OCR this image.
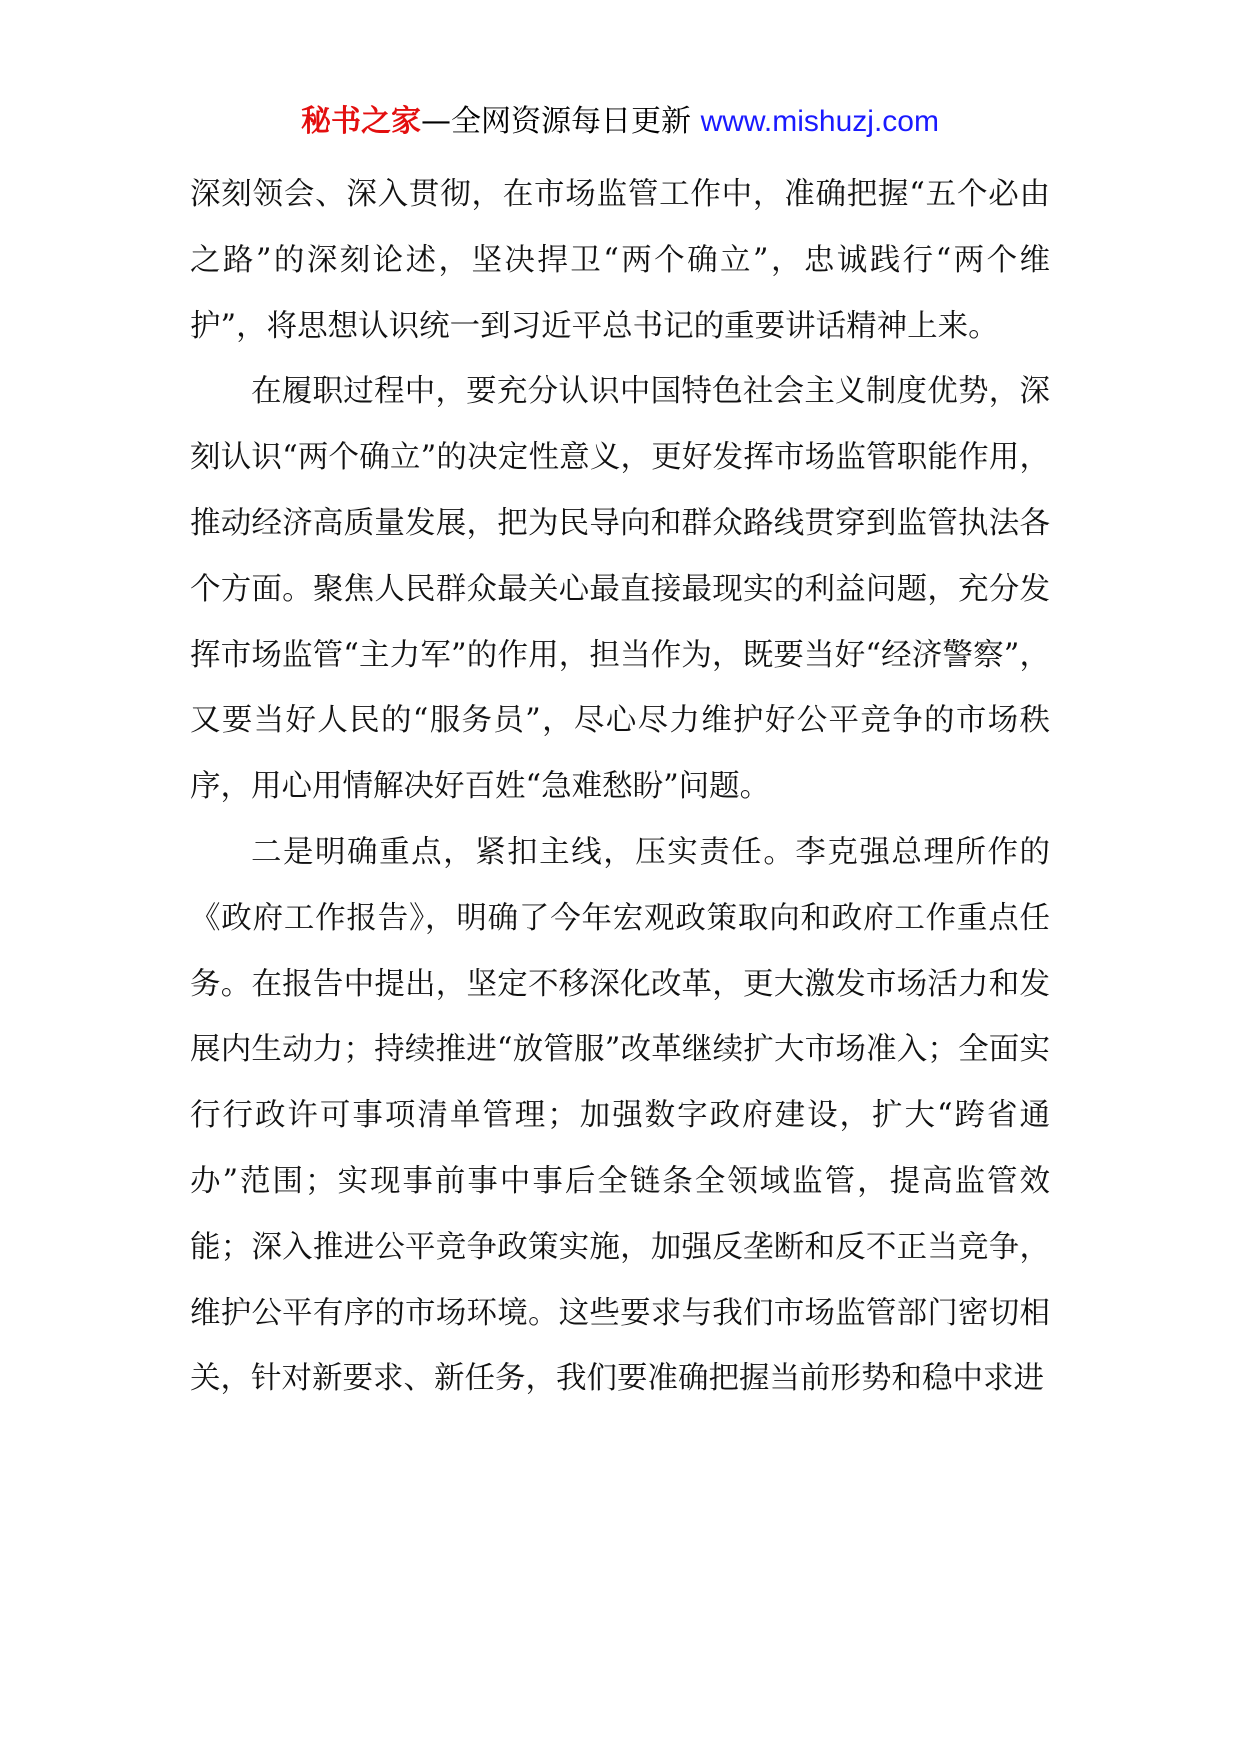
秘书之家—全网资源每日更新 www.mishuzj.com

深刻领会、深入贯彻，在市场监管工作中，准确把握“五个必由之路”的深刻论述，坚决捍卫“两个确立”，忠诚践行“两个维护”，将思想认识统一到习近平总书记的重要讲话精神上来。

在履职过程中，要充分认识中国特色社会主义制度优势，深刻认识“两个确立”的决定性意义，更好发挥市场监管职能作用，推动经济高质量发展，把为民导向和群众路线贯穿到监管执法各个方面。聚焦人民群众最关心最直接最现实的利益问题，充分发挥市场监管“主力军”的作用，担当作为，既要当好“经济警察”，又要当好人民的“服务员”，尽心尽力维护好公平竞争的市场秩序，用心用情解决好百姓“急难愁盼”问题。

二是明确重点，紧扣主线，压实责任。李克强总理所作的《政府工作报告》，明确了今年宏观政策取向和政府工作重点任务。在报告中提出，坚定不移深化改革，更大激发市场活力和发展内生动力；持续推进“放管服”改革继续扩大市场准入；全面实行行政许可事项清单管理；加强数字政府建设，扩大“跨省通办”范围；实现事前事中事后全链条全领域监管，提高监管效能；深入推进公平竞争政策实施，加强反垄断和反不正当竞争，维护公平有序的市场环境。这些要求与我们市场监管部门密切相关，针对新要求、新任务，我们要准确把握当前形势和稳中求进
